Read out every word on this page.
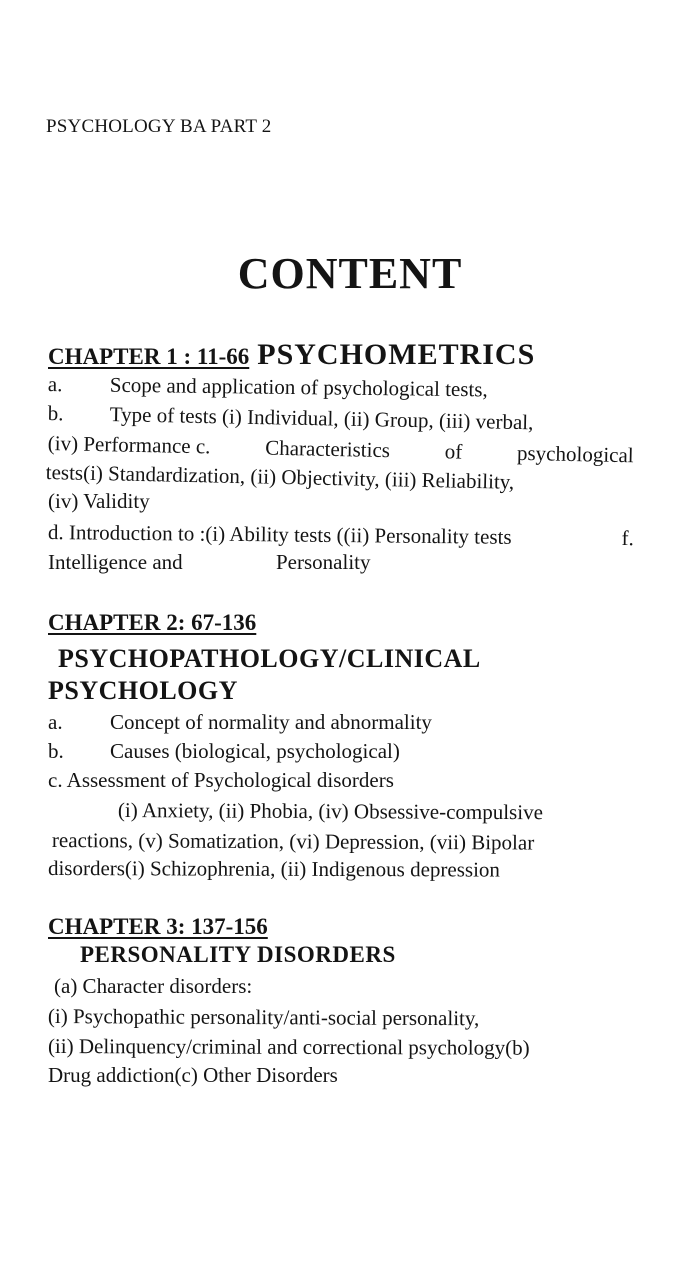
PSYCHOLOGY BA PART 2
CONTENT
CHAPTER 1 : 11-66 PSYCHOMETRICS
a. Scope and application of psychological tests,
b. Type of tests (i) Individual, (ii) Group, (iii) verbal,
(iv) Performance c.	Characteristics	of	psychological
tests(i) Standardization, (ii) Objectivity, (iii) Reliability,
(iv) Validity
d. Introduction to :(i) Ability tests ((ii) Personality tests	f.
Intelligence and	Personality
CHAPTER 2: 67-136
PSYCHOPATHOLOGY/CLINICAL
PSYCHOLOGY
a. Concept of normality and abnormality
b. Causes (biological, psychological)
c. Assessment of Psychological disorders
(i) Anxiety, (ii) Phobia, (iv) Obsessive-compulsive
reactions, (v) Somatization, (vi) Depression, (vii) Bipolar
disorders(i) Schizophrenia, (ii) Indigenous depression
CHAPTER 3: 137-156
PERSONALITY DISORDERS
(a) Character disorders:
(i) Psychopathic personality/anti-social personality,
(ii) Delinquency/criminal and correctional psychology(b)
Drug addiction(c) Other Disorders
